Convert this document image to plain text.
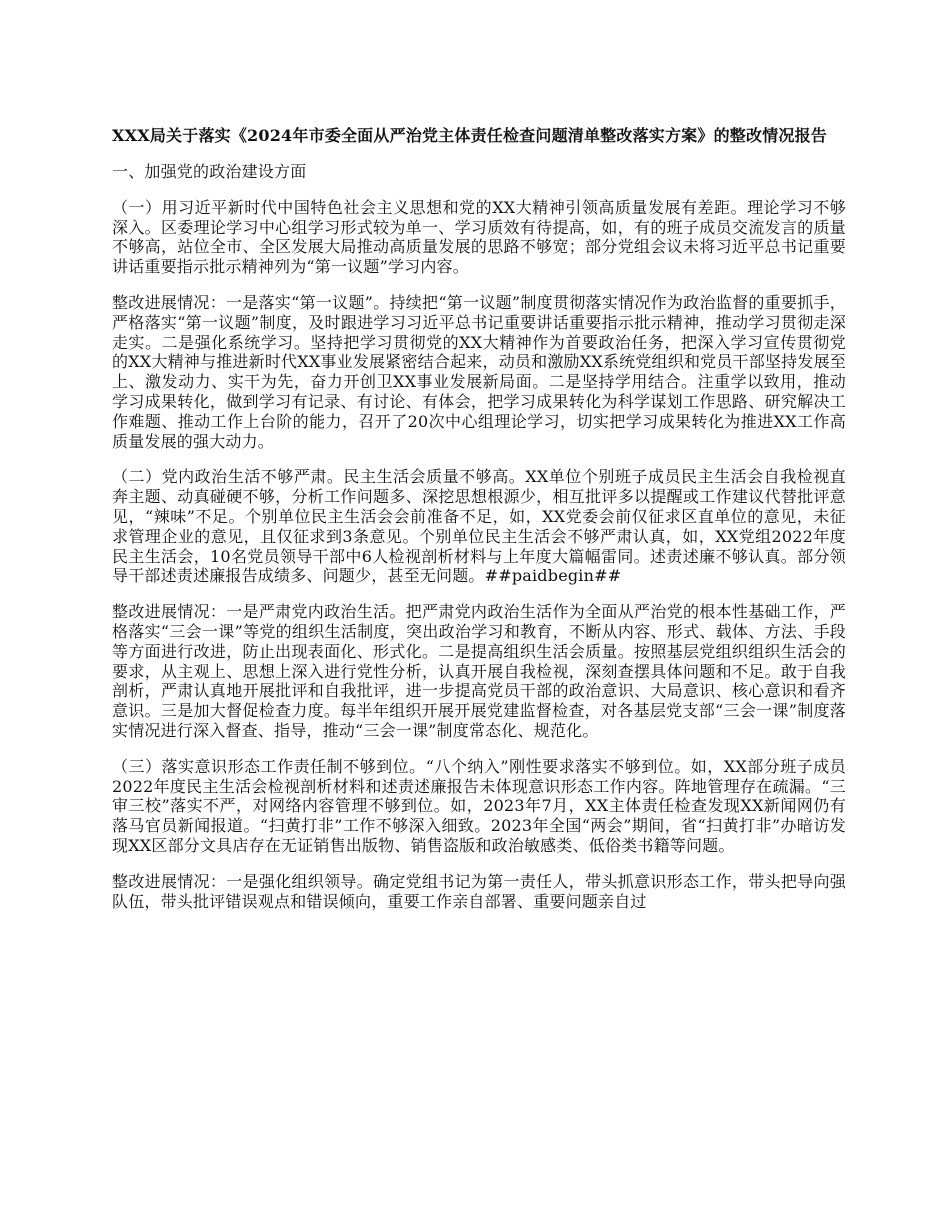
XXX局关于落实《2024年市委全面从严治党主体责任检查问题清单整改落实方案》的整改情况报告
一、加强党的政治建设方面

（一）用习近平新时代中国特色社会主义思想和党的XX大精神引领高质量发展有差距。理论学习不够深入。区委理论学习中心组学习形式较为单一、学习质效有待提高，如，有的班子成员交流发言的质量不够高，站位全市、全区发展大局推动高质量发展的思路不够宽；部分党组会议未将习近平总书记重要讲话重要指示批示精神列为“第一议题”学习内容。

整改进展情况：一是落实“第一议题”。持续把“第一议题”制度贯彻落实情况作为政治监督的重要抓手，严格落实“第一议题”制度，及时跟进学习习近平总书记重要讲话重要指示批示精神，推动学习贯彻走深走实。二是强化系统学习。坚持把学习贯彻党的XX大精神作为首要政治任务，把深入学习宣传贯彻党的XX大精神与推进新时代XX事业发展紧密结合起来，动员和激励XX系统党组织和党员干部坚持发展至上、激发动力、实干为先，奋力开创卫XX事业发展新局面。二是坚持学用结合。注重学以致用，推动学习成果转化，做到学习有记录、有讨论、有体会，把学习成果转化为科学谋划工作思路、研究解决工作难题、推动工作上台阶的能力，召开了20次中心组理论学习，切实把学习成果转化为推进XX工作高质量发展的强大动力。

（二）党内政治生活不够严肃。民主生活会质量不够高。XX单位个别班子成员民主生活会自我检视直奔主题、动真碰硬不够，分析工作问题多、深挖思想根源少，相互批评多以提醒或工作建议代替批评意见，“辣味”不足。个别单位民主生活会会前准备不足，如，XX党委会前仅征求区直单位的意见，未征求管理企业的意见，且仅征求到3条意见。个别单位民主生活会不够严肃认真，如，XX党组2022年度民主生活会，10名党员领导干部中6人检视剖析材料与上年度大篇幅雷同。述责述廉不够认真。部分领导干部述责述廉报告成绩多、问题少，甚至无问题。##paidbegin##

整改进展情况：一是严肃党内政治生活。把严肃党内政治生活作为全面从严治党的根本性基础工作，严格落实“三会一课”等党的组织生活制度，突出政治学习和教育，不断从内容、形式、载体、方法、手段等方面进行改进，防止出现表面化、形式化。二是提高组织生活会质量。按照基层党组织组织生活会的要求，从主观上、思想上深入进行党性分析，认真开展自我检视，深刻查摆具体问题和不足。敢于自我剖析，严肃认真地开展批评和自我批评，进一步提高党员干部的政治意识、大局意识、核心意识和看齐意识。三是加大督促检查力度。每半年组织开展开展党建监督检查，对各基层党支部“三会一课”制度落实情况进行深入督查、指导，推动“三会一课”制度常态化、规范化。

（三）落实意识形态工作责任制不够到位。“八个纳入”刚性要求落实不够到位。如，XX部分班子成员2022年度民主生活会检视剖析材料和述责述廉报告未体现意识形态工作内容。阵地管理存在疏漏。“三审三校”落实不严，对网络内容管理不够到位。如，2023年7月，XX主体责任检查发现XX新闻网仍有落马官员新闻报道。“扫黄打非”工作不够深入细致。2023年全国“两会”期间，省“扫黄打非”办暗访发现XX区部分文具店存在无证销售出版物、销售盗版和政治敏感类、低俗类书籍等问题。

整改进展情况：一是强化组织领导。确定党组书记为第一责任人，带头抓意识形态工作，带头把导向强队伍，带头批评错误观点和错误倾向，重要工作亲自部署、重要问题亲自过
